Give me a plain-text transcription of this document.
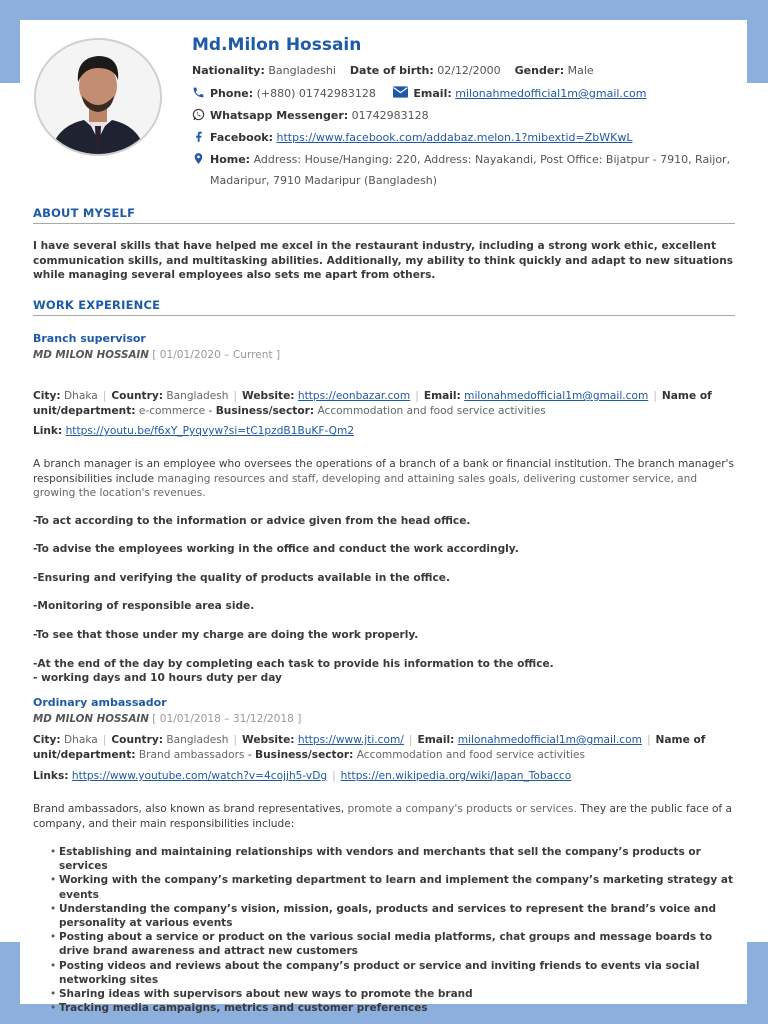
Md.Milon Hossain
Nationality: Bangladeshi Date of birth: 02/12/2000 Gender: Male
Phone: (+880) 01742983128	Email: milonahmedofficial1m@gmail.com
Whatsapp Messenger: 01742983128
Facebook: https://www.facebook.com/addabaz.melon.1?mibextid=ZbWKwL
Home: Address: House/Hanging: 220, Address: Nayakandi, Post Office: Bijatpur - 7910, Raijor,
Madaripur, 7910 Madaripur (Bangladesh)
ABOUT MYSELF
I have several skills that have helped me excel in the restaurant industry, including a strong work ethic, excellent communication skills, and multitasking abilities. Additionally, my ability to think quickly and adapt to new situations while managing several employees also sets me apart from others.
WORK EXPERIENCE
Branch supervisor
MD MILON HOSSAIN [ 01/01/2020 – Current ]
City: Dhaka | Country: Bangladesh | Website: https://eonbazar.com | Email: milonahmedofficial1m@gmail.com | Name of unit/department: e-commerce - Business/sector: Accommodation and food service activities
Link: https://youtu.be/f6xY_Pyqvyw?si=tC1pzdB1BuKF-Qm2
A branch manager is an employee who oversees the operations of a branch of a bank or financial institution. The branch manager's responsibilities include managing resources and staff, developing and attaining sales goals, delivering customer service, and growing the location's revenues.
-To act according to the information or advice given from the head office.
-To advise the employees working in the office and conduct the work accordingly.
-Ensuring and verifying the quality of products available in the office.
-Monitoring of responsible area side.
-To see that those under my charge are doing the work properly.
-At the end of the day by completing each task to provide his information to the office.
- working days and 10 hours duty per day
Ordinary ambassador
MD MILON HOSSAIN [ 01/01/2018 – 31/12/2018 ]
City: Dhaka | Country: Bangladesh | Website: https://www.jti.com/ | Email: milonahmedofficial1m@gmail.com | Name of unit/department: Brand ambassadors - Business/sector: Accommodation and food service activities
Links: https://www.youtube.com/watch?v=4cojjh5-vDg | https://en.wikipedia.org/wiki/Japan_Tobacco
Brand ambassadors, also known as brand representatives, promote a company's products or services. They are the public face of a company, and their main responsibilities include:
• Establishing and maintaining relationships with vendors and merchants that sell the company’s products or services
• Working with the company’s marketing department to learn and implement the company’s marketing strategy at events
• Understanding the company’s vision, mission, goals, products and services to represent the brand’s voice and personality at various events
• Posting about a service or product on the various social media platforms, chat groups and message boards to drive brand awareness and attract new customers
• Posting videos and reviews about the company’s product or service and inviting friends to events via social networking sites
• Sharing ideas with supervisors about new ways to promote the brand
• Tracking media campaigns, metrics and customer preferences
